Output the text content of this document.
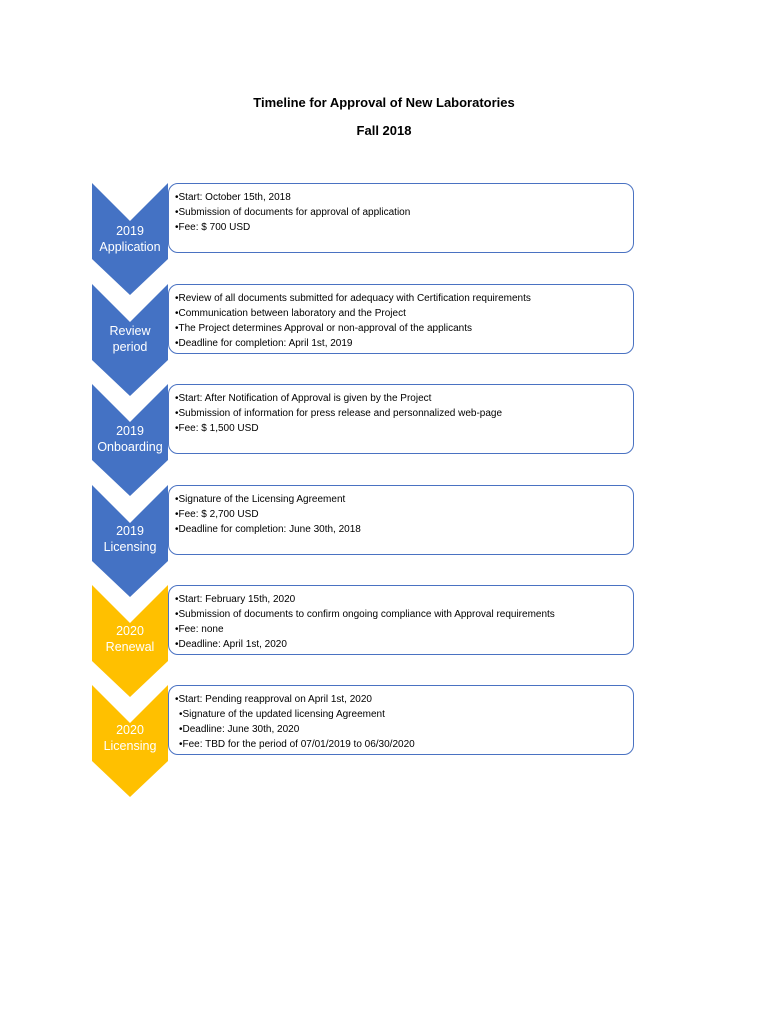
Timeline for Approval of New Laboratories
Fall 2018
2019
Application
•Start: October 15th, 2018
•Submission of documents for approval of application
•Fee: $ 700 USD
Review
period
•Review of all documents submitted for adequacy with Certification requirements
•Communication between laboratory and the Project
•The Project determines Approval or non-approval of the applicants
•Deadline for completion: April 1st, 2019
2019
Onboarding
•Start: After Notification of Approval is given by the Project
•Submission of information for press release and personnalized web-page
•Fee: $ 1,500 USD
2019
Licensing
•Signature of the Licensing Agreement
•Fee: $ 2,700 USD
•Deadline for completion: June 30th, 2018
2020
Renewal
•Start: February 15th, 2020
•Submission of documents to confirm ongoing compliance with Approval requirements
•Fee: none
•Deadline: April 1st, 2020
2020
Licensing
•Start: Pending reapproval on April 1st, 2020
•Signature of the updated licensing Agreement
•Deadline: June 30th, 2020
•Fee: TBD for the period of 07/01/2019 to 06/30/2020
